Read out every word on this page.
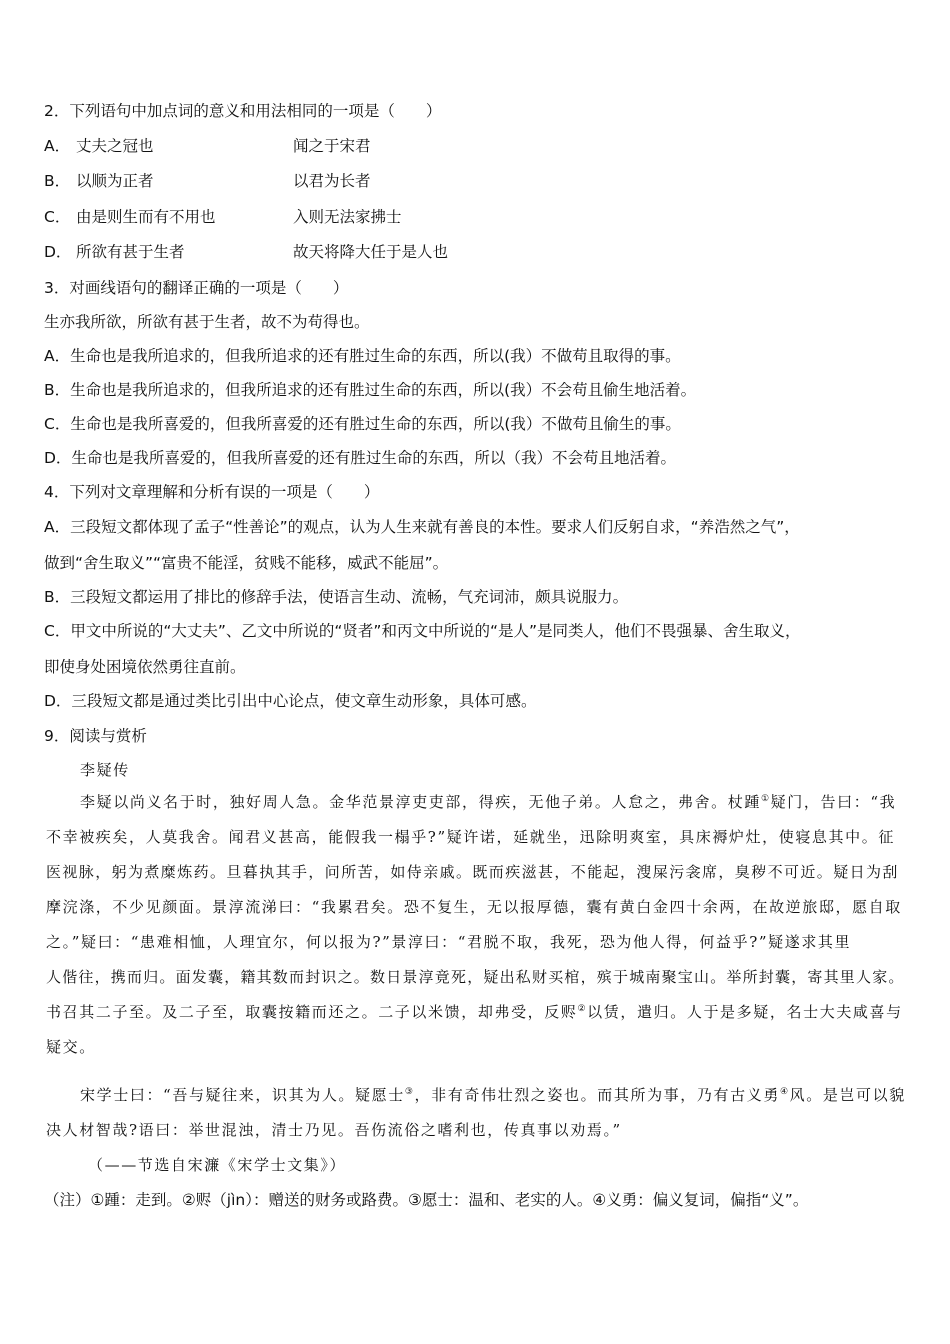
2．下列语句中加点词的意义和用法相同的一项是（　　）
A． 丈夫之冠也	闻之于宋君
B． 以顺为正者	以君为长者
C． 由是则生而有不用也	入则无法家拂士
D． 所欲有甚于生者	故天将降大任于是人也
3．对画线语句的翻译正确的一项是（　　）
生亦我所欲，所欲有甚于生者，故不为苟得也。
A．生命也是我所追求的，但我所追求的还有胜过生命的东西，所以(我）不做苟且取得的事。
B．生命也是我所追求的，但我所追求的还有胜过生命的东西，所以(我）不会苟且偷生地活着。
C．生命也是我所喜爱的，但我所喜爱的还有胜过生命的东西，所以(我）不做苟且偷生的事。
D．生命也是我所喜爱的，但我所喜爱的还有胜过生命的东西，所以（我）不会苟且地活着。
4．下列对文章理解和分析有误的一项是（　　）
A．三段短文都体现了孟子“性善论”的观点，认为人生来就有善良的本性。要求人们反躬自求，“养浩然之气”，
做到“舍生取义”“富贵不能淫，贫贱不能移，威武不能屈”。
B．三段短文都运用了排比的修辞手法，使语言生动、流畅，气充词沛，颇具说服力。
C．甲文中所说的“大丈夫”、乙文中所说的“贤者”和丙文中所说的“是人”是同类人，他们不畏强暴、舍生取义，
即使身处困境依然勇往直前。
D．三段短文都是通过类比引出中心论点，使文章生动形象，具体可感。
9．阅读与赏析
李疑传
李疑以尚义名于时，独好周人急。金华范景淳吏吏部，得疾，无他子弟。人怠之，弗舍。杖踵①疑门，告曰：“我
不幸被疾矣，人莫我舍。闻君义甚高，能假我一榻乎?”疑许诺，延就坐，迅除明爽室，具床褥炉灶，使寝息其中。征
医视脉，躬为煮糜炼药。旦暮执其手，问所苦，如侍亲戚。既而疾滋甚，不能起，溲屎污衾席，臭秽不可近。疑日为刮
摩浣涤，不少见颜面。景淳流涕曰：“我累君矣。恐不复生，无以报厚德，囊有黄白金四十余两，在故逆旅邸，愿自取
之。”疑曰：“患难相恤，人理宜尔，何以报为?”景淳曰：“君脱不取，我死，恐为他人得，何益乎?”疑遂求其里
人偕往，携而归。面发囊，籍其数而封识之。数日景淳竟死，疑出私财买棺，殡于城南聚宝山。举所封囊，寄其里人家。
书召其二子至。及二子至，取囊按籍而还之。二子以米馈，却弗受，反赆②以赁，遣归。人于是多疑，名士大夫咸喜与
疑交。
宋学士曰：“吾与疑往来，识其为人。疑愿士③，非有奇伟壮烈之姿也。而其所为事，乃有古义勇④风。是岂可以貌
决人材智哉?语曰：举世混浊，清士乃见。吾伤流俗之嗜利也，传真事以劝焉。”
（——节选自宋濂《宋学士文集》）
（注）①踵：走到。②赆（jìn）：赠送的财务或路费。③愿士：温和、老实的人。④义勇：偏义复词，偏指“义”。
